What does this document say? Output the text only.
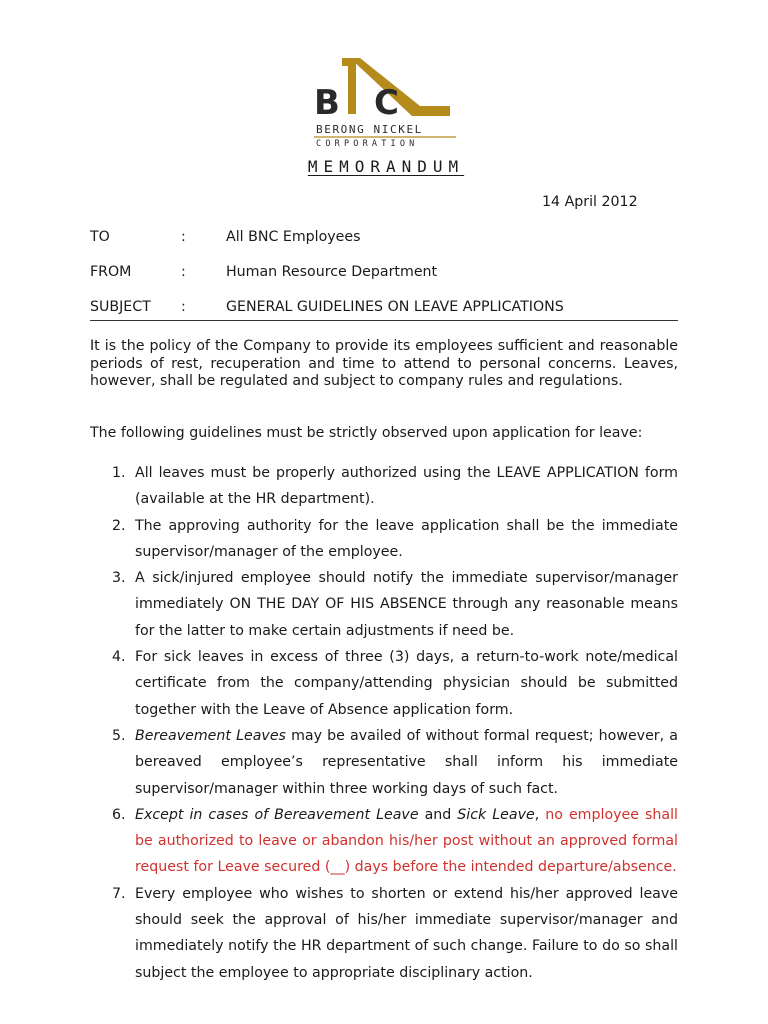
B C
BERONG NICKEL
CORPORATION
MEMORANDUM
14 April 2012
TO	:	All BNC Employees
FROM	:	Human Resource Department
SUBJECT :	GENERAL GUIDELINES ON LEAVE APPLICATIONS
It is the policy of the Company to provide its employees sufficient and reasonable periods of rest, recuperation and time to attend to personal concerns. Leaves, however, shall be regulated and subject to company rules and regulations.
The following guidelines must be strictly observed upon application for leave:
1. All leaves must be properly authorized using the LEAVE APPLICATION form (available at the HR department).
2. The approving authority for the leave application shall be the immediate supervisor/manager of the employee.
3. A sick/injured employee should notify the immediate supervisor/manager immediately ON THE DAY OF HIS ABSENCE through any reasonable means for the latter to make certain adjustments if need be.
4. For sick leaves in excess of three (3) days, a return-to-work note/medical certificate from the company/attending physician should be submitted together with the Leave of Absence application form.
5. Bereavement Leaves may be availed of without formal request; however, a bereaved employee’s representative shall inform his immediate supervisor/manager within three working days of such fact.
6. Except in cases of Bereavement Leave and Sick Leave, no employee shall be authorized to leave or abandon his/her post without an approved formal request for Leave secured (__) days before the intended departure/absence.
7. Every employee who wishes to shorten or extend his/her approved leave should seek the approval of his/her immediate supervisor/manager and immediately notify the HR department of such change. Failure to do so shall subject the employee to appropriate disciplinary action.
